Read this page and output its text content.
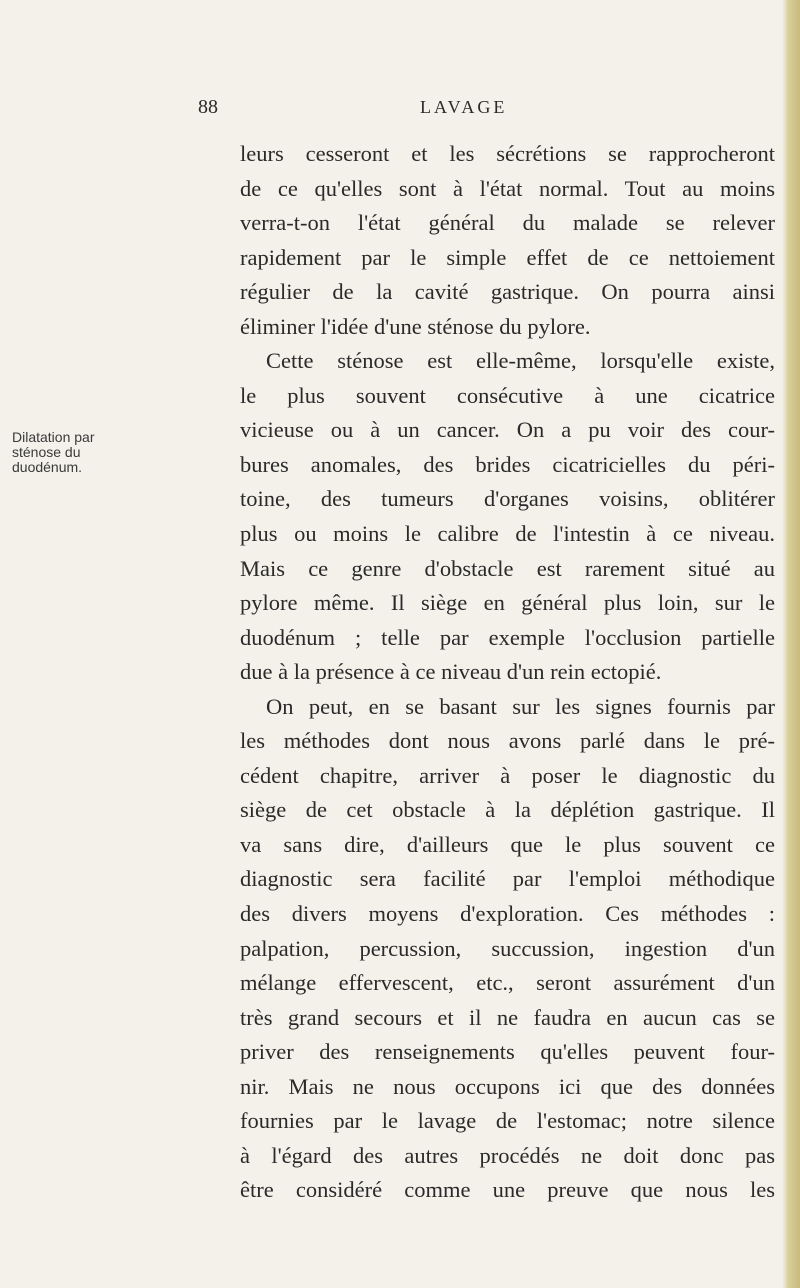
88	LAVAGE
Dilatation par
sténose du
duodénum.
leurs cesseront et les sécrétions se rapprocheront
de ce qu'elles sont à l'état normal. Tout au moins
verra-t-on l'état général du malade se relever
rapidement par le simple effet de ce nettoiement
régulier de la cavité gastrique. On pourra ainsi
éliminer l'idée d'une sténose du pylore.
Cette sténose est elle-même, lorsqu'elle existe,
le plus souvent consécutive à une cicatrice
vicieuse ou à un cancer. On a pu voir des cour-
bures anomales, des brides cicatricielles du péri-
toine, des tumeurs d'organes voisins, oblitérer
plus ou moins le calibre de l'intestin à ce niveau.
Mais ce genre d'obstacle est rarement situé au
pylore même. Il siège en général plus loin, sur le
duodénum ; telle par exemple l'occlusion partielle
due à la présence à ce niveau d'un rein ectopié.
On peut, en se basant sur les signes fournis par
les méthodes dont nous avons parlé dans le pré-
cédent chapitre, arriver à poser le diagnostic du
siège de cet obstacle à la déplétion gastrique. Il
va sans dire, d'ailleurs que le plus souvent ce
diagnostic sera facilité par l'emploi méthodique
des divers moyens d'exploration. Ces méthodes :
palpation, percussion, succussion, ingestion d'un
mélange effervescent, etc., seront assurément d'un
très grand secours et il ne faudra en aucun cas se
priver des renseignements qu'elles peuvent four-
nir. Mais ne nous occupons ici que des données
fournies par le lavage de l'estomac; notre silence
à l'égard des autres procédés ne doit donc pas
être considéré comme une preuve que nous les
